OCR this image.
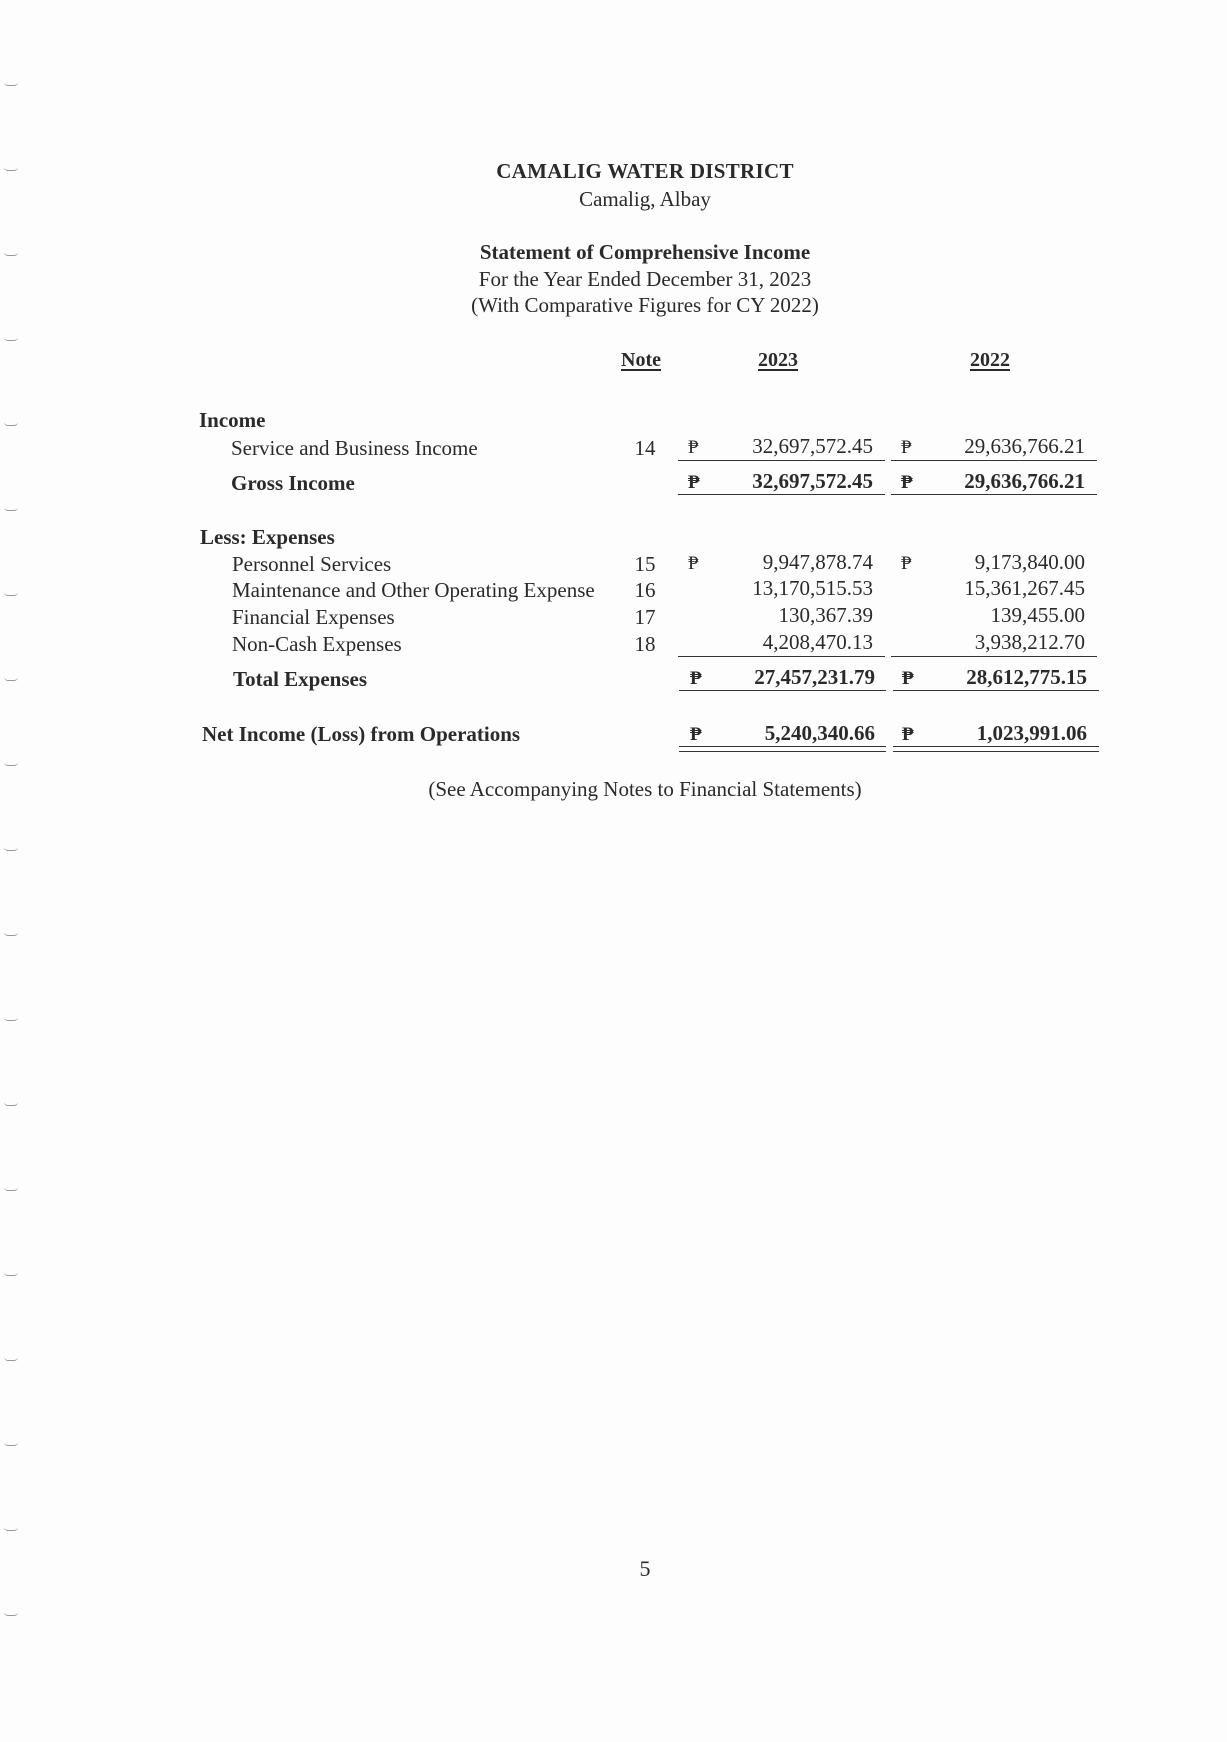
CAMALIG WATER DISTRICT
Camalig, Albay
Statement of Comprehensive Income
For the Year Ended December 31, 2023
(With Comparative Figures for CY 2022)
Note	2023	2022
Income
Service and Business Income	14	₱	32,697,572.45 ₱	29,636,766.21
Gross Income	₱	32,697,572.45 ₱ 29,636,766.21
Less: Expenses
Personnel Services	15	₱	9,947,878.74 ₱	9,173,840.00
Maintenance and Other Operating Expense	16	13,170,515.53	15,361,267.45
Financial Expenses	17	130,367.39	139,455.00
Non-Cash Expenses	18	4,208,470.13	3,938,212.70
Total Expenses	₱	27,457,231.79 ₱	28,612,775.15
Net Income (Loss) from Operations	₱	5,240,340.66 ₱	1,023,991.06
(See Accompanying Notes to Financial Statements)
5
